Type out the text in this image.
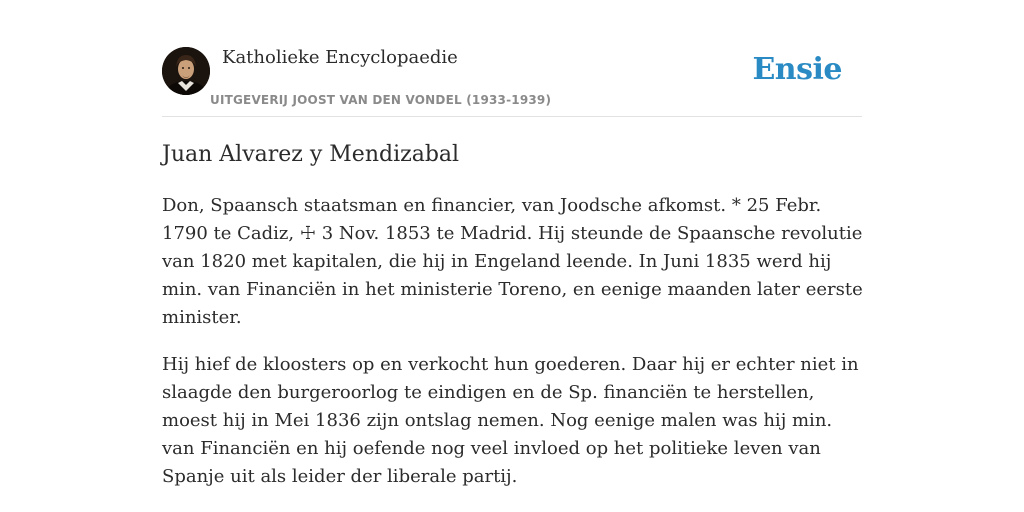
Katholieke Encyclopaedie
UITGEVERIJ JOOST VAN DEN VONDEL (1933-1939)
Ensie
Juan Alvarez y Mendizabal

Don, Spaansch staatsman en financier, van Joodsche afkomst. * 25 Febr. 1790 te Cadiz, ☩ 3 Nov. 1853 te Madrid. Hij steunde de Spaansche revolutie van 1820 met kapitalen, die hij in Engeland leende. In Juni 1835 werd hij min. van Financiën in het ministerie Toreno, en eenige maanden later eerste minister.

Hij hief de kloosters op en verkocht hun goederen. Daar hij er echter niet in slaagde den burgeroorlog te eindigen en de Sp. financiën te herstellen, moest hij in Mei 1836 zijn ontslag nemen. Nog eenige malen was hij min. van Financiën en hij oefende nog veel invloed op het politieke leven van Spanje uit als leider der liberale partij.
